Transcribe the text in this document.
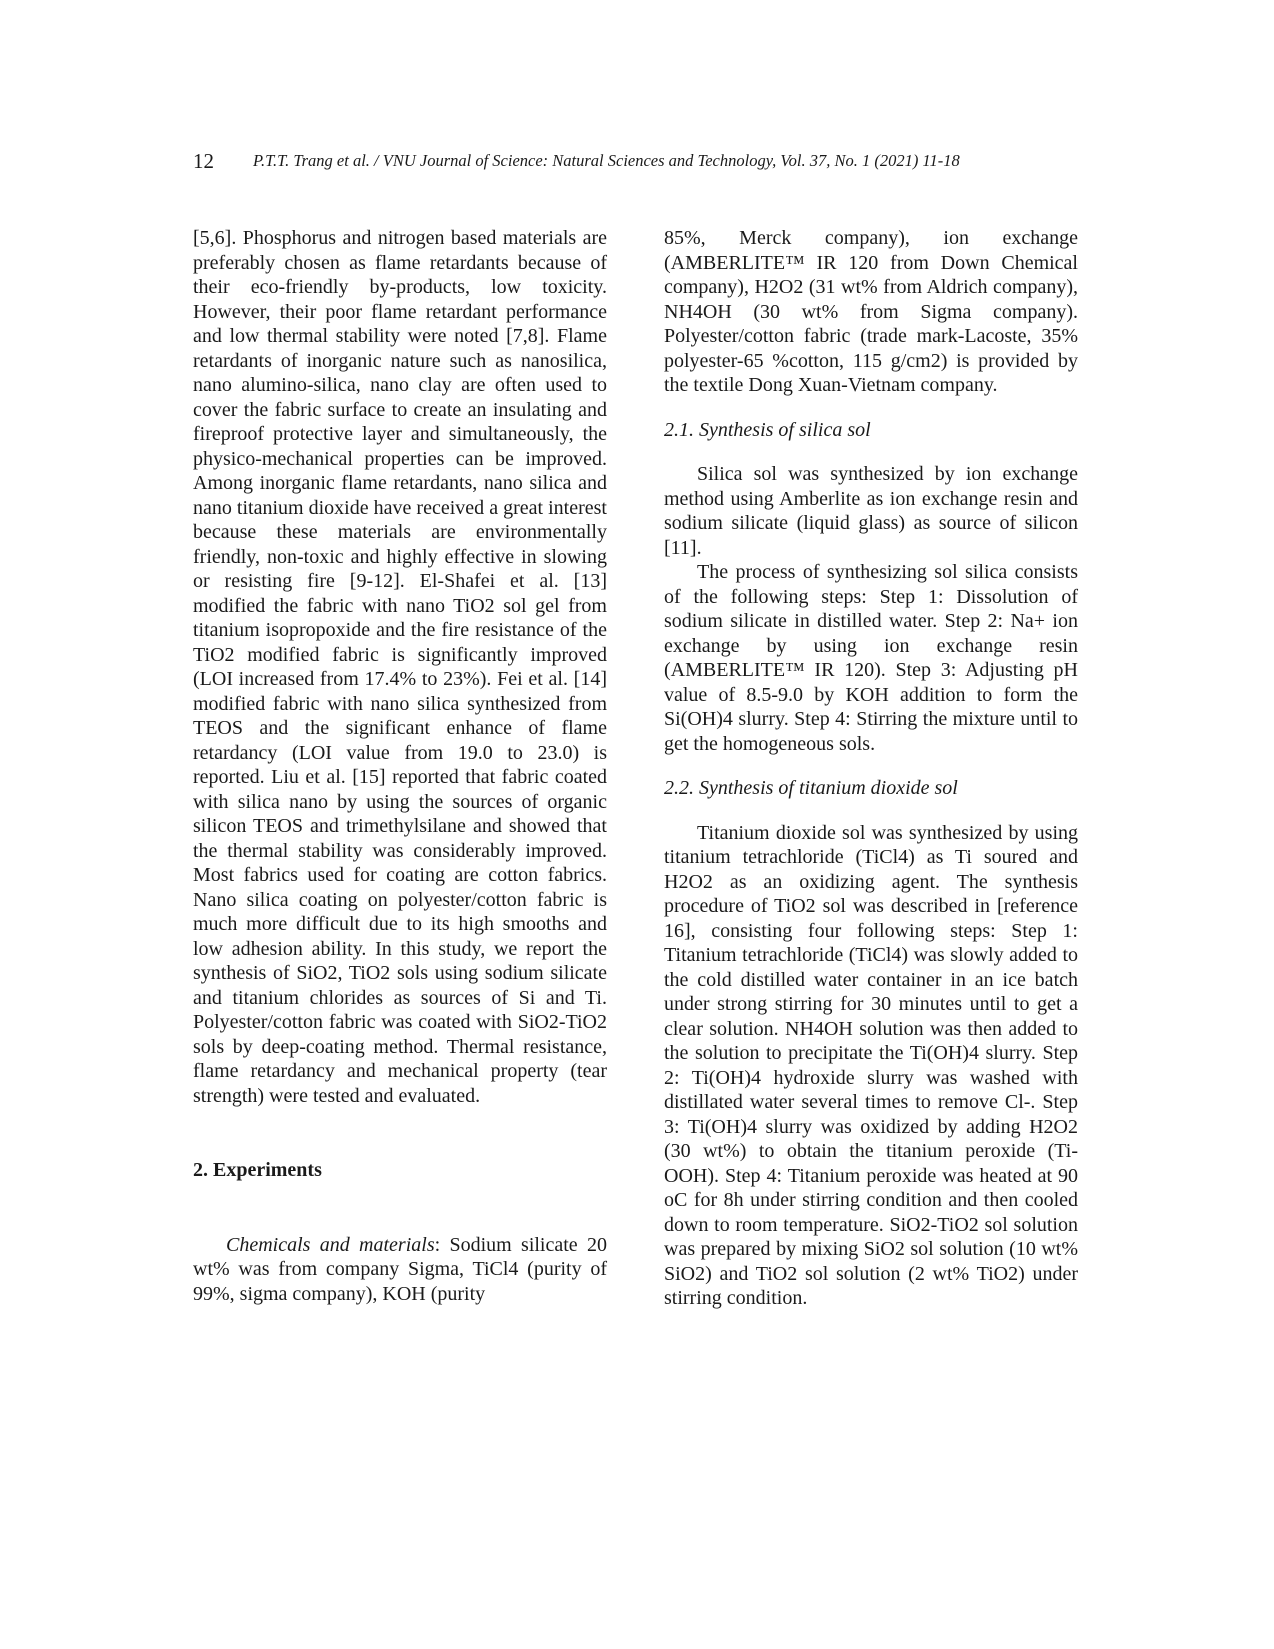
12 P.T.T. Trang et al. / VNU Journal of Science: Natural Sciences and Technology, Vol. 37, No. 1 (2021) 11-18

[5,6]. Phosphorus and nitrogen based materials are preferably chosen as flame retardants because of their eco-friendly by-products, low toxicity. However, their poor flame retardant performance and low thermal stability were noted [7,8]. Flame retardants of inorganic nature such as nanosilica, nano alumino-silica, nano clay are often used to cover the fabric surface to create an insulating and fireproof protective layer and simultaneously, the physico-mechanical properties can be improved. Among inorganic flame retardants, nano silica and nano titanium dioxide have received a great interest because these materials are environmentally friendly, non-toxic and highly effective in slowing or resisting fire [9-12]. El-Shafei et al. [13] modified the fabric with nano TiO2 sol gel from titanium isopropoxide and the fire resistance of the TiO2 modified fabric is significantly improved (LOI increased from 17.4% to 23%). Fei et al. [14] modified fabric with nano silica synthesized from TEOS and the significant enhance of flame retardancy (LOI value from 19.0 to 23.0) is reported. Liu et al. [15] reported that fabric coated with silica nano by using the sources of organic silicon TEOS and trimethylsilane and showed that the thermal stability was considerably improved. Most fabrics used for coating are cotton fabrics. Nano silica coating on polyester/cotton fabric is much more difficult due to its high smooths and low adhesion ability. In this study, we report the synthesis of SiO2, TiO2 sols using sodium silicate and titanium chlorides as sources of Si and Ti. Polyester/cotton fabric was coated with SiO2-TiO2 sols by deep-coating method. Thermal resistance, flame retardancy and mechanical property (tear strength) were tested and evaluated.

2. Experiments

Chemicals and materials: Sodium silicate 20 wt% was from company Sigma, TiCl4 (purity of 99%, sigma company), KOH (purity

85%, Merck company), ion exchange (AMBERLITE™ IR 120 from Down Chemical company), H2O2 (31 wt% from Aldrich company), NH4OH (30 wt% from Sigma company). Polyester/cotton fabric (trade mark-Lacoste, 35% polyester-65 %cotton, 115 g/cm2) is provided by the textile Dong Xuan-Vietnam company.

2.1. Synthesis of silica sol

Silica sol was synthesized by ion exchange method using Amberlite as ion exchange resin and sodium silicate (liquid glass) as source of silicon [11].

The process of synthesizing sol silica consists of the following steps: Step 1: Dissolution of sodium silicate in distilled water. Step 2: Na+ ion exchange by using ion exchange resin (AMBERLITE™ IR 120). Step 3: Adjusting pH value of 8.5-9.0 by KOH addition to form the Si(OH)4 slurry. Step 4: Stirring the mixture until to get the homogeneous sols.

2.2. Synthesis of titanium dioxide sol

Titanium dioxide sol was synthesized by using titanium tetrachloride (TiCl4) as Ti soured and H2O2 as an oxidizing agent. The synthesis procedure of TiO2 sol was described in [reference 16], consisting four following steps: Step 1: Titanium tetrachloride (TiCl4) was slowly added to the cold distilled water container in an ice batch under strong stirring for 30 minutes until to get a clear solution. NH4OH solution was then added to the solution to precipitate the Ti(OH)4 slurry. Step 2: Ti(OH)4 hydroxide slurry was washed with distillated water several times to remove Cl-. Step 3: Ti(OH)4 slurry was oxidized by adding H2O2 (30 wt%) to obtain the titanium peroxide (Ti-OOH). Step 4: Titanium peroxide was heated at 90 oC for 8h under stirring condition and then cooled down to room temperature. SiO2-TiO2 sol solution was prepared by mixing SiO2 sol solution (10 wt% SiO2) and TiO2 sol solution (2 wt% TiO2) under stirring condition.
